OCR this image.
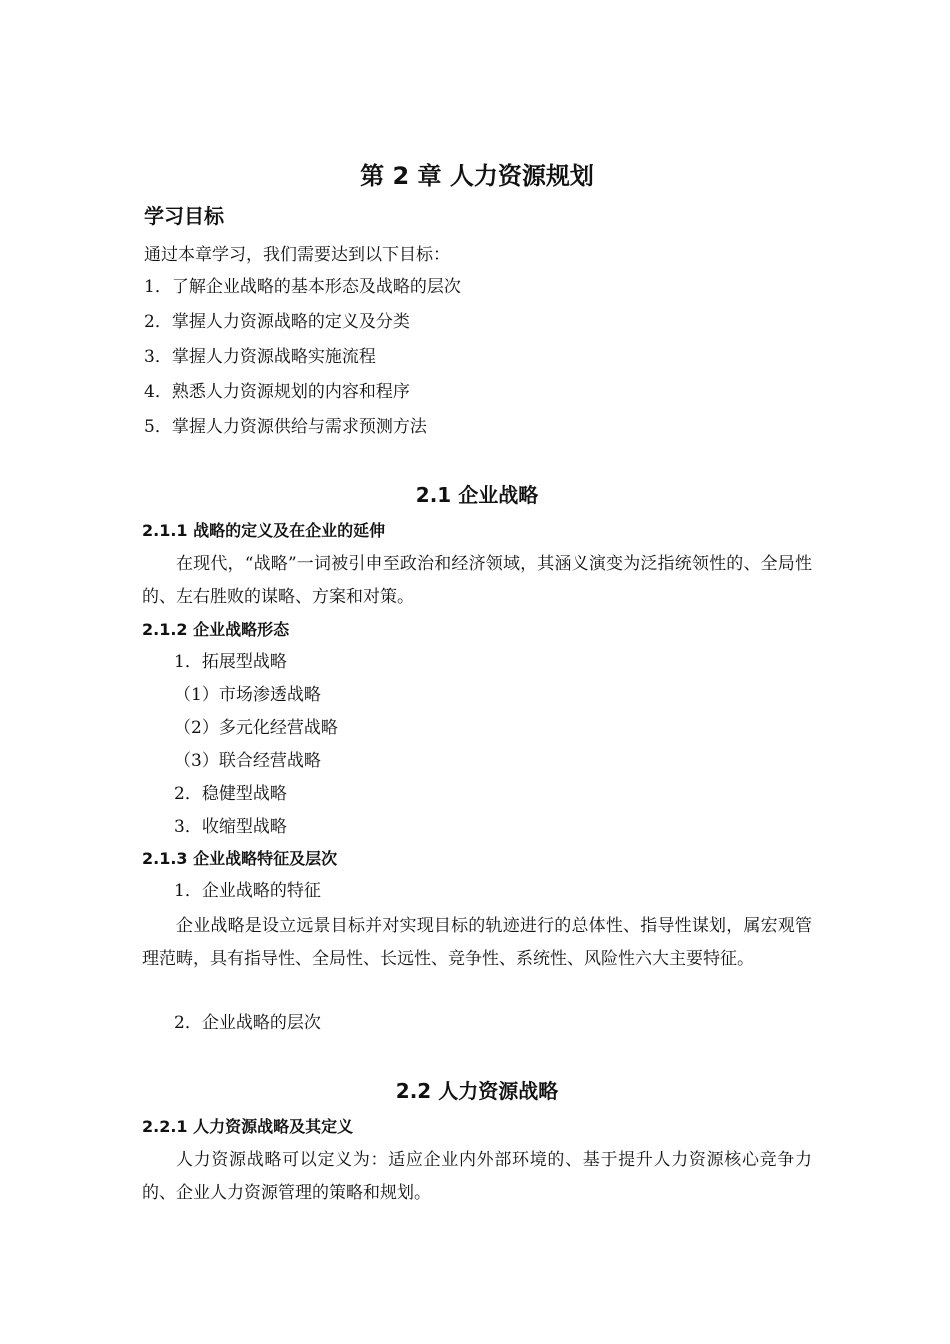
第 2 章 人力资源规划
学习目标

通过本章学习，我们需要达到以下目标：

1．了解企业战略的基本形态及战略的层次
2．掌握人力资源战略的定义及分类
3．掌握人力资源战略实施流程
4．熟悉人力资源规划的内容和程序
5．掌握人力资源供给与需求预测方法
2.1 企业战略
2.1.1 战略的定义及在企业的延伸

在现代，“战略”一词被引申至政治和经济领域，其涵义演变为泛指统领性的、全局性的、左右胜败的谋略、方案和对策。

2.1.2 企业战略形态

1．拓展型战略

（1）市场渗透战略

（2）多元化经营战略

（3）联合经营战略

2．稳健型战略

3．收缩型战略

2.1.3 企业战略特征及层次

1．企业战略的特征

企业战略是设立远景目标并对实现目标的轨迹进行的总体性、指导性谋划，属宏观管理范畴，具有指导性、全局性、长远性、竞争性、系统性、风险性六大主要特征。

2．企业战略的层次

2.2 人力资源战略
2.2.1 人力资源战略及其定义

人力资源战略可以定义为：适应企业内外部环境的、基于提升人力资源核心竞争力的、企业人力资源管理的策略和规划。
